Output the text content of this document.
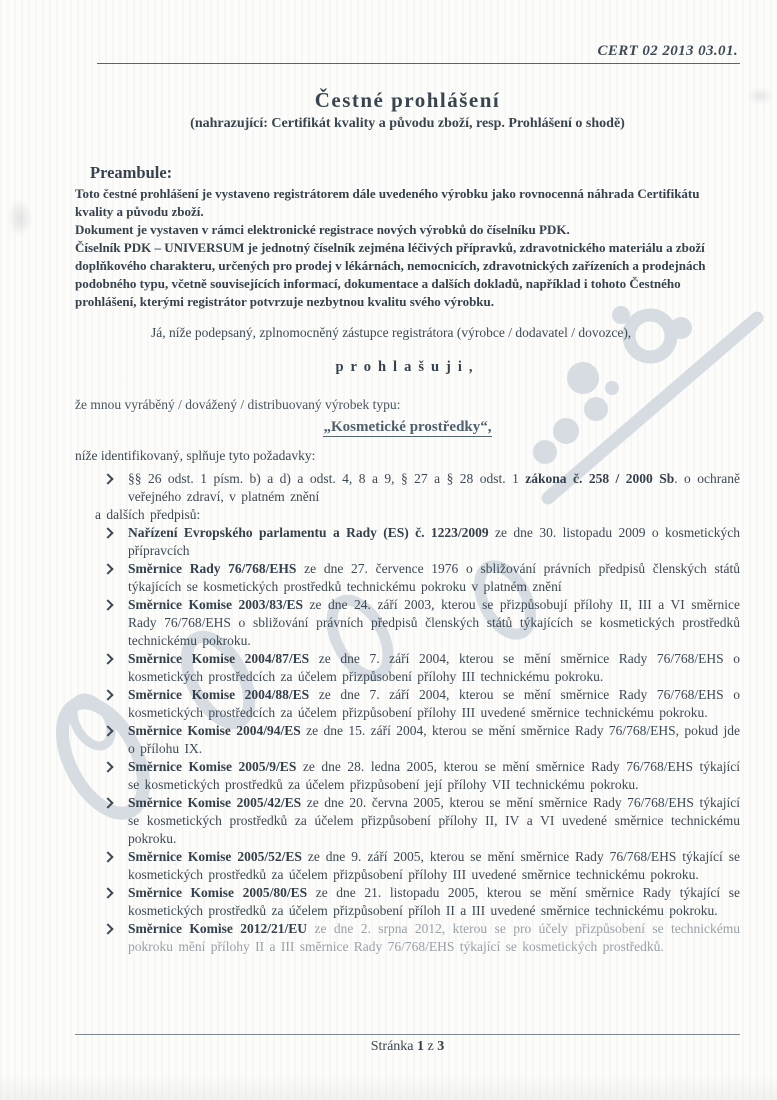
CERT 02 2013 03.01.
Čestné prohlášení
(nahrazující: Certifikát kvality a původu zboží, resp. Prohlášení o shodě)
Preambule:

Toto čestné prohlášení je vystaveno registrátorem dále uvedeného výrobku jako rovnocenná náhrada Certifikátu kvality a původu zboží.

Dokument je vystaven v rámci elektronické registrace nových výrobků do číselníku PDK.

Číselník PDK – UNIVERSUM je jednotný číselník zejména léčivých přípravků, zdravotnického materiálu a zboží doplňkového charakteru, určených pro prodej v lékárnách, nemocnicích, zdravotnických zařízeních a prodejnách podobného typu, včetně souvisejících informací, dokumentace a dalších dokladů, například i tohoto Čestného prohlášení, kterými registrátor potvrzuje nezbytnou kvalitu svého výrobku.

Já, níže podepsaný, zplnomocněný zástupce registrátora (výrobce / dodavatel / dovozce),

prohlašuji,

že mnou vyráběný / dovážený / distribuovaný výrobek typu:

„Kosmetické prostředky“,

níže identifikovaný, splňuje tyto požadavky:

§§ 26 odst. 1 písm. b) a d) a odst. 4, 8 a 9, § 27 a § 28 odst. 1 zákona č. 258 / 2000 Sb. o ochraně veřejného zdraví, v platném znění
a dalších předpisů:
Nařízení Evropského parlamentu a Rady (ES) č. 1223/2009 ze dne 30. listopadu 2009 o kosmetických přípravcích
Směrnice Rady 76/768/EHS ze dne 27. července 1976 o sbližování právních předpisů členských států týkajících se kosmetických prostředků technickému pokroku v platném znění
Směrnice Komise 2003/83/ES ze dne 24. září 2003, kterou se přizpůsobují přílohy II, III a VI směrnice Rady 76/768/EHS o sbližování právních předpisů členských států týkajících se kosmetických prostředků technickému pokroku.
Směrnice Komise 2004/87/ES ze dne 7. září 2004, kterou se mění směrnice Rady 76/768/EHS o kosmetických prostředcích za účelem přizpůsobení přílohy III technickému pokroku.
Směrnice Komise 2004/88/ES ze dne 7. září 2004, kterou se mění směrnice Rady 76/768/EHS o kosmetických prostředcích za účelem přizpůsobení přílohy III uvedené směrnice technickému pokroku.
Směrnice Komise 2004/94/ES ze dne 15. září 2004, kterou se mění směrnice Rady 76/768/EHS, pokud jde o přílohu IX.
Směrnice Komise 2005/9/ES ze dne 28. ledna 2005, kterou se mění směrnice Rady 76/768/EHS týkající se kosmetických prostředků za účelem přizpůsobení její přílohy VII technickému pokroku.
Směrnice Komise 2005/42/ES ze dne 20. června 2005, kterou se mění směrnice Rady 76/768/EHS týkající se kosmetických prostředků za účelem přizpůsobení přílohy II, IV a VI uvedené směrnice technickému pokroku.
Směrnice Komise 2005/52/ES ze dne 9. září 2005, kterou se mění směrnice Rady 76/768/EHS týkající se kosmetických prostředků za účelem přizpůsobení přílohy III uvedené směrnice technickému pokroku.
Směrnice Komise 2005/80/ES ze dne 21. listopadu 2005, kterou se mění směrnice Rady týkající se kosmetických prostředků za účelem přizpůsobení příloh II a III uvedené směrnice technickému pokroku.
Směrnice Komise 2012/21/EU ze dne 2. srpna 2012, kterou se pro účely přizpůsobení se technickému pokroku mění přílohy II a III směrnice Rady 76/768/EHS týkající se kosmetických prostředků.
Stránka 1 z 3
